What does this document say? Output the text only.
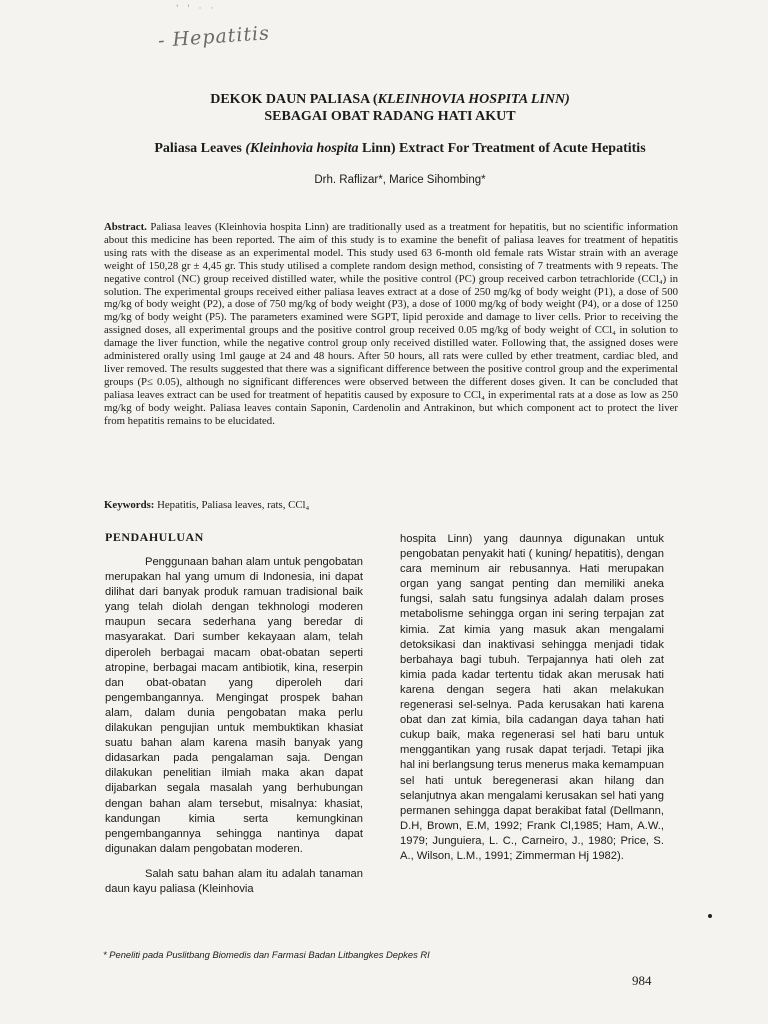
' ' · ·
- Hepatitis
DEKOK DAUN PALIASA (KLEINHOVIA HOSPITA LINN)
SEBAGAI OBAT RADANG HATI AKUT
Paliasa Leaves (Kleinhovia hospita Linn) Extract For Treatment of Acute Hepatitis
Drh. Raflizar*, Marice Sihombing*
Abstract. Paliasa leaves (Kleinhovia hospita Linn) are traditionally used as a treatment for hepatitis, but no scientific information about this medicine has been reported. The aim of this study is to examine the benefit of paliasa leaves for treatment of hepatitis using rats with the disease as an experimental model. This study used 63 6-month old female rats Wistar strain with an average weight of 150,28 gr ± 4,45 gr. This study utilised a complete random design method, consisting of 7 treatments with 9 repeats. The negative control (NC) group received distilled water, while the positive control (PC) group received carbon tetrachloride (CCl₄) in solution. The experimental groups received either paliasa leaves extract at a dose of 250 mg/kg of body weight (P1), a dose of 500 mg/kg of body weight (P2), a dose of 750 mg/kg of body weight (P3), a dose of 1000 mg/kg of body weight (P4), or a dose of 1250 mg/kg of body weight (P5). The parameters examined were SGPT, lipid peroxide and damage to liver cells. Prior to receiving the assigned doses, all experimental groups and the positive control group received 0.05 mg/kg of body weight of CCl₄ in solution to damage the liver function, while the negative control group only received distilled water. Following that, the assigned doses were administered orally using 1ml gauge at 24 and 48 hours. After 50 hours, all rats were culled by ether treatment, cardiac bled, and liver removed. The results suggested that there was a significant difference between the positive control group and the experimental groups (P≤ 0.05), although no significant differences were observed between the different doses given. It can be concluded that paliasa leaves extract can be used for treatment of hepatitis caused by exposure to CCl₄ in experimental rats at a dose as low as 250 mg/kg of body weight. Paliasa leaves contain Saponin, Cardenolin and Antrakinon, but which component act to protect the liver from hepatitis remains to be elucidated.
Keywords: Hepatitis, Paliasa leaves, rats, CCl₄
PENDAHULUAN

Penggunaan bahan alam untuk pengobatan merupakan hal yang umum di Indonesia, ini dapat dilihat dari banyak produk ramuan tradisional baik yang telah diolah dengan tekhnologi moderen maupun secara sederhana yang beredar di masyarakat. Dari sumber kekayaan alam, telah diperoleh berbagai macam obat-obatan seperti atropine, berbagai macam antibiotik, kina, reserpin dan obat-obatan yang diperoleh dari pengembangannya. Mengingat prospek bahan alam, dalam dunia pengobatan maka perlu dilakukan pengujian untuk membuktikan khasiat suatu bahan alam karena masih banyak yang didasarkan pada pengalaman saja. Dengan dilakukan penelitian ilmiah maka akan dapat dijabarkan segala masalah yang berhubungan dengan bahan alam tersebut, misalnya: khasiat, kandungan kimia serta kemungkinan pengembangannya sehingga nantinya dapat digunakan dalam pengobatan moderen.

Salah satu bahan alam itu adalah tanaman daun kayu paliasa (Kleinhovia

hospita Linn) yang daunnya digunakan untuk pengobatan penyakit hati ( kuning/ hepatitis), dengan cara meminum air rebusannya. Hati merupakan organ yang sangat penting dan memiliki aneka fungsi, salah satu fungsinya adalah dalam proses metabolisme sehingga organ ini sering terpajan zat kimia. Zat kimia yang masuk akan mengalami detoksikasi dan inaktivasi sehingga menjadi tidak berbahaya bagi tubuh. Terpajannya hati oleh zat kimia pada kadar tertentu tidak akan merusak hati karena dengan segera hati akan melakukan regenerasi sel-selnya. Pada kerusakan hati karena obat dan zat kimia, bila cadangan daya tahan hati cukup baik, maka regenerasi sel hati baru untuk menggantikan yang rusak dapat terjadi. Tetapi jika hal ini berlangsung terus menerus maka kemampuan sel hati untuk beregenerasi akan hilang dan selanjutnya akan mengalami kerusakan sel hati yang permanen sehingga dapat berakibat fatal (Dellmann, D.H, Brown, E.M, 1992; Frank Cl,1985; Ham, A.W., 1979; Junguiera, L. C., Carneiro, J., 1980; Price, S. A., Wilson, L.M., 1991; Zimmerman Hj 1982).

* Peneliti pada Puslitbang Biomedis dan Farmasi Badan Litbangkes Depkes RI
984
